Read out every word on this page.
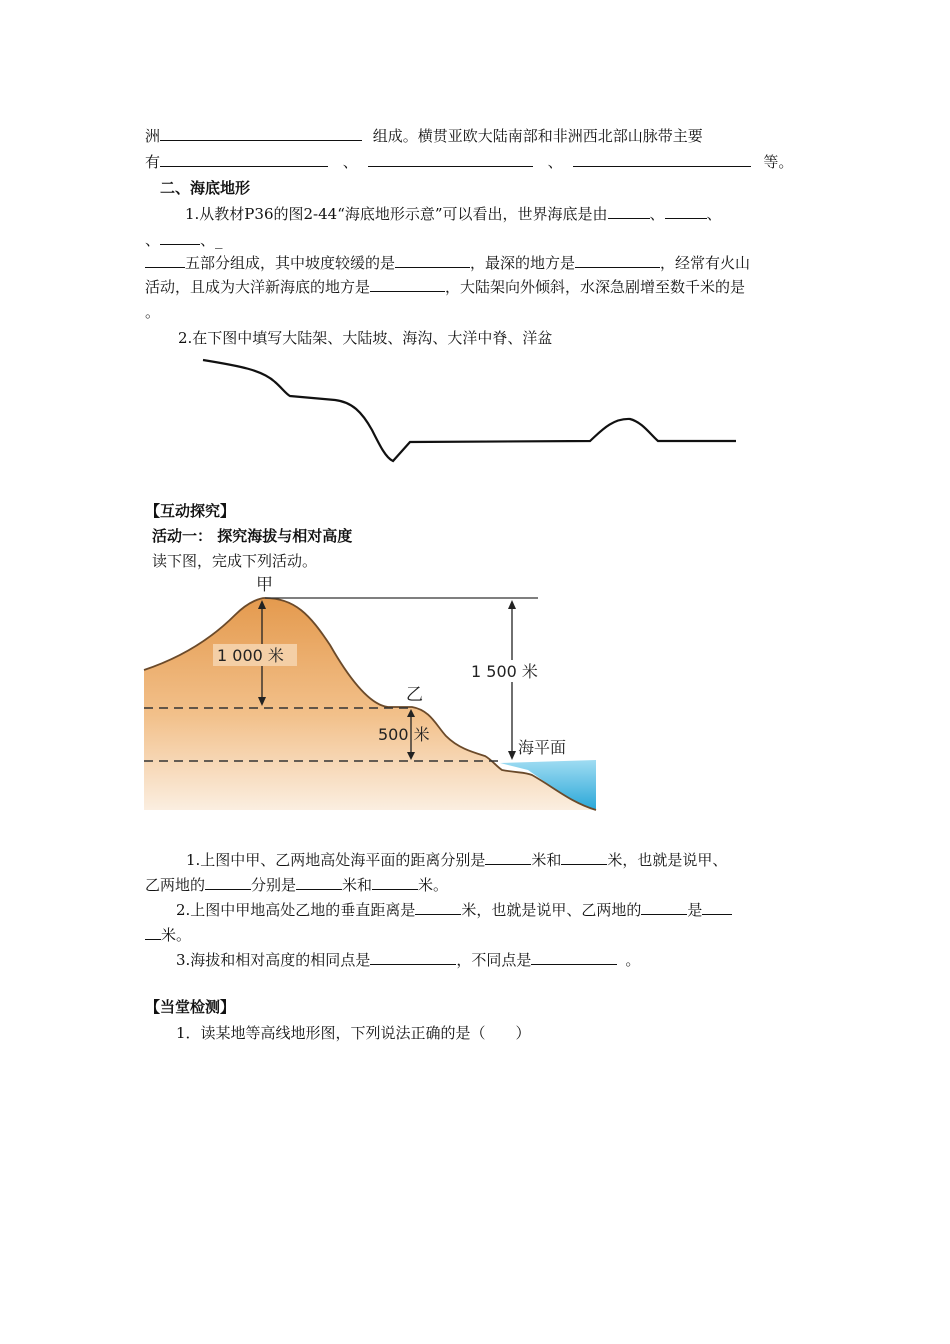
洲	组成。横贯亚欧大陆南部和非洲西北部山脉带主要
有	、	、	等。
二、海底地形
1.从教材P36的图2-44“海底地形示意”可以看出，世界海底是由	、	、
、	、_
五部分组成，其中坡度较缓的是	，最深的地方是	，经常有火山
活动，且成为大洋新海底的地方是	，大陆架向外倾斜，水深急剧增至数千米的是
。
2.在下图中填写大陆架、大陆坡、海沟、大洋中脊、洋盆
【互动探究】
活动一： 探究海拔与相对高度
读下图，完成下列活动。
1 000 米
1 500 米
500 米
海平面
甲
乙
1.上图中甲、乙两地高处海平面的距离分别是	米和	米，也就是说甲、
乙两地的	分别是	米和	米。
2.上图中甲地高处乙地的垂直距离是	米，也就是说甲、乙两地的	是
米。
3.海拔和相对高度的相同点是	，不同点是	。
【当堂检测】
1．读某地等高线地形图，下列说法正确的是（　　）
